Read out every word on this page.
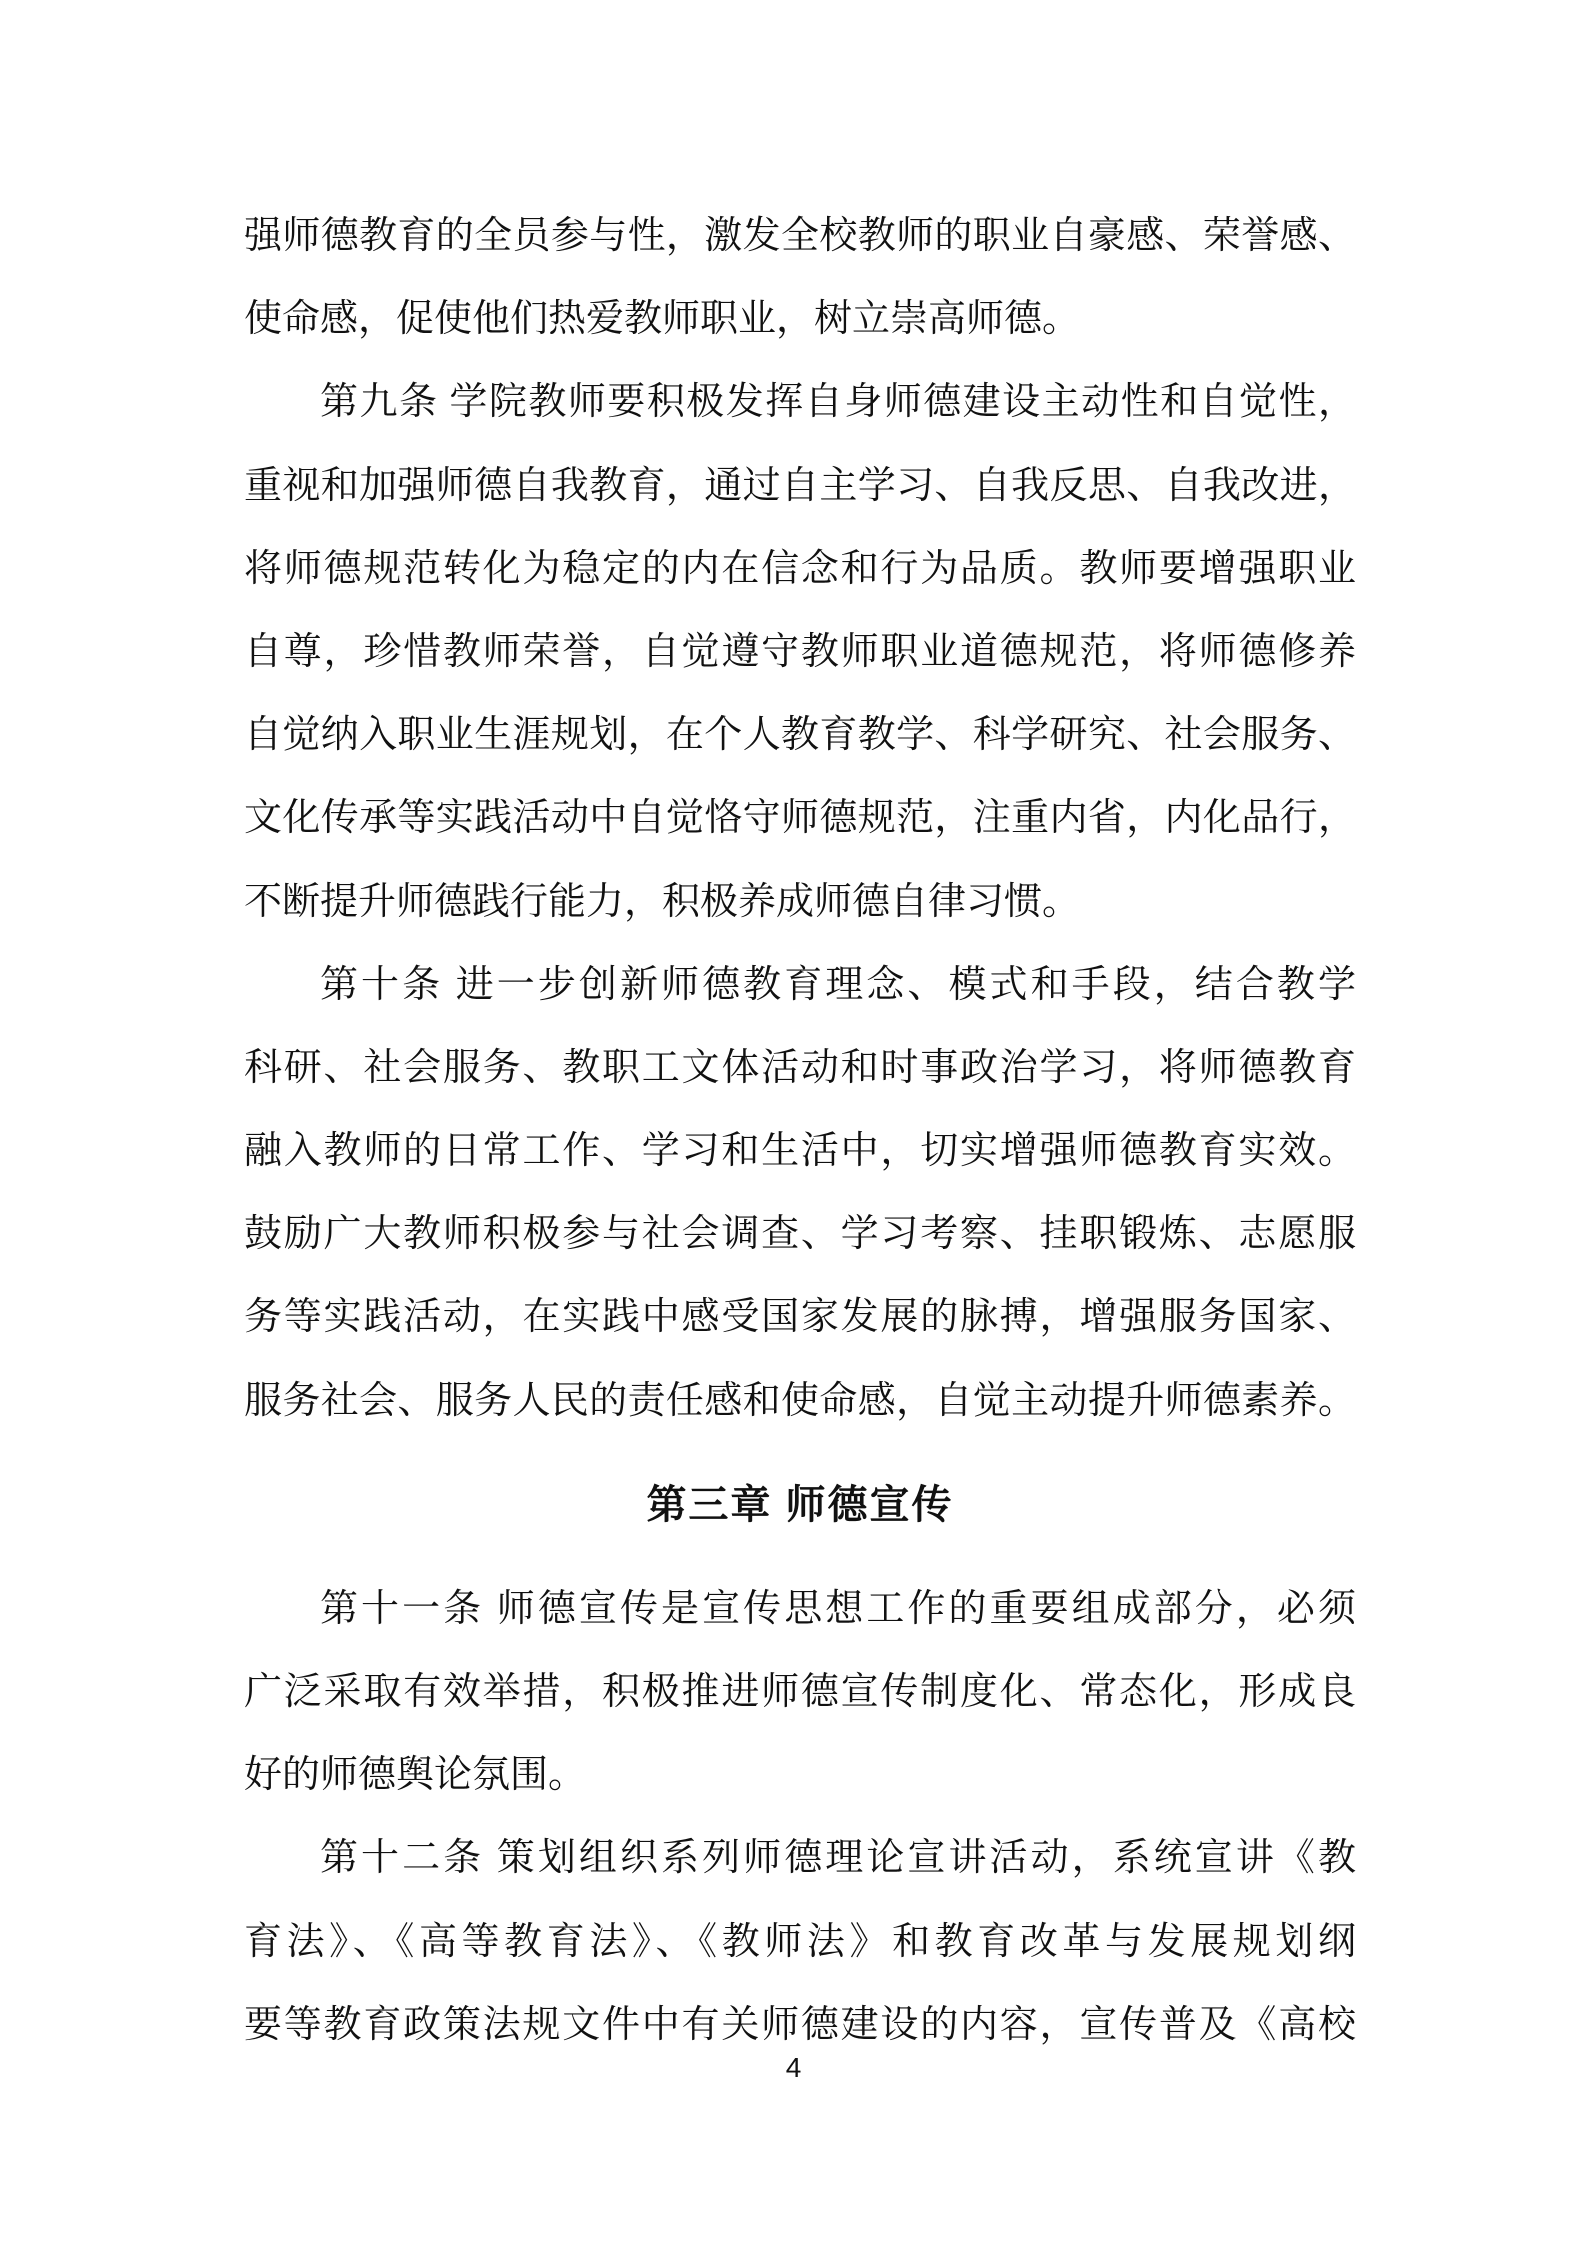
强师德教育的全员参与性，激发全校教师的职业自豪感、荣誉感、
使命感，促使他们热爱教师职业，树立崇高师德。
第九条 学院教师要积极发挥自身师德建设主动性和自觉性，
重视和加强师德自我教育，通过自主学习、自我反思、自我改进，
将师德规范转化为稳定的内在信念和行为品质。教师要增强职业
自尊，珍惜教师荣誉，自觉遵守教师职业道德规范，将师德修养
自觉纳入职业生涯规划，在个人教育教学、科学研究、社会服务、
文化传承等实践活动中自觉恪守师德规范，注重内省，内化品行，
不断提升师德践行能力，积极养成师德自律习惯。
第十条 进一步创新师德教育理念、模式和手段，结合教学
科研、社会服务、教职工文体活动和时事政治学习，将师德教育
融入教师的日常工作、学习和生活中，切实增强师德教育实效。
鼓励广大教师积极参与社会调查、学习考察、挂职锻炼、志愿服
务等实践活动，在实践中感受国家发展的脉搏，增强服务国家、
服务社会、服务人民的责任感和使命感，自觉主动提升师德素养。
第三章 师德宣传
第十一条 师德宣传是宣传思想工作的重要组成部分，必须
广泛采取有效举措，积极推进师德宣传制度化、常态化，形成良
好的师德舆论氛围。
第十二条 策划组织系列师德理论宣讲活动，系统宣讲《教
育法》、《高等教育法》、《教师法》和教育改革与发展规划纲
要等教育政策法规文件中有关师德建设的内容，宣传普及《高校
4
